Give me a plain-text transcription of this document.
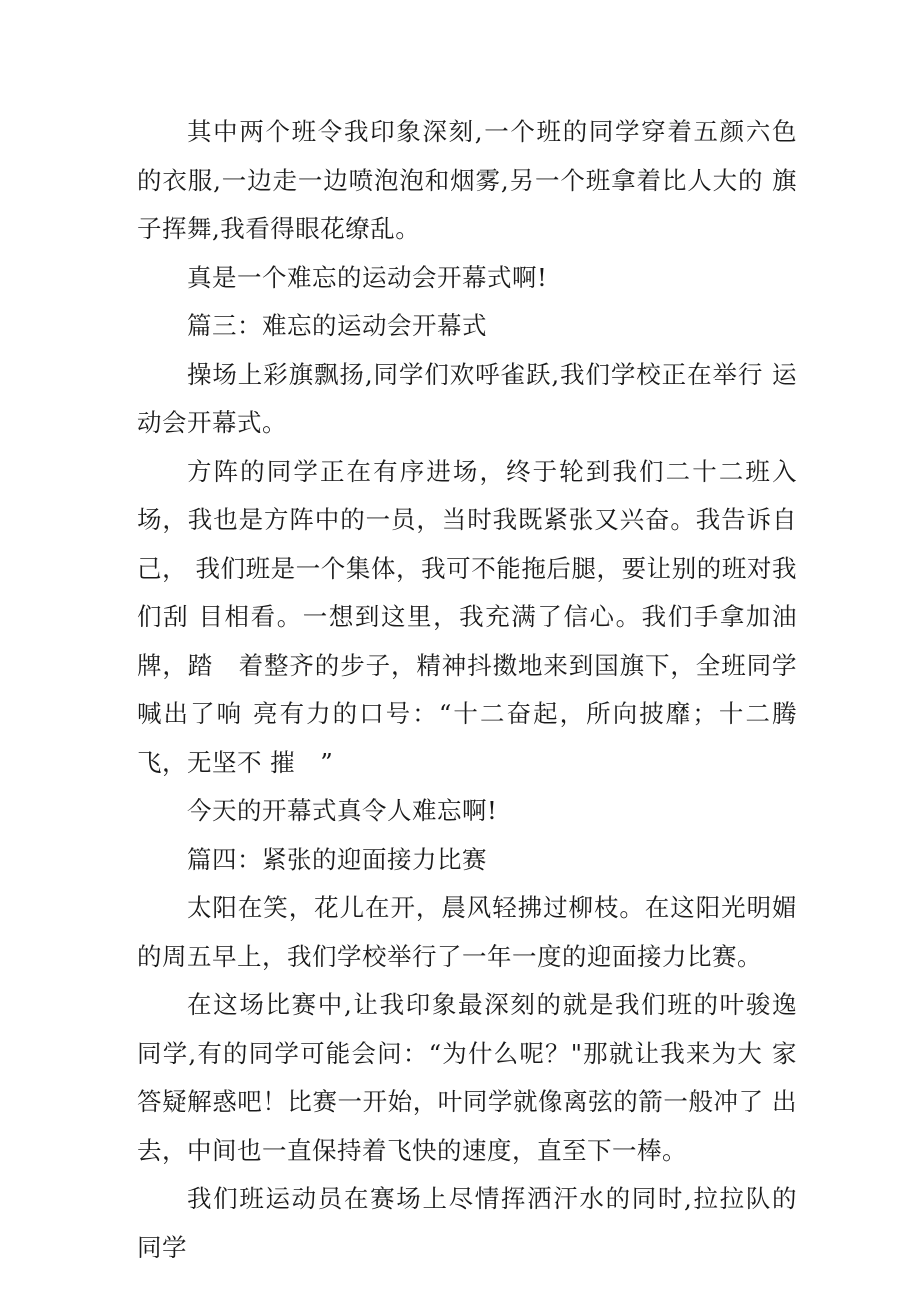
其中两个班令我印象深刻,一个班的同学穿着五颜六色 的衣服,一边走一边喷泡泡和烟雾,另一个班拿着比人大的 旗子挥舞,我看得眼花缭乱。

真是一个难忘的运动会开幕式啊!

篇三：难忘的运动会开幕式

操场上彩旗飘扬,同学们欢呼雀跃,我们学校正在举行 运动会开幕式。

方阵的同学正在有序进场，终于轮到我们二十二班入场，我也是方阵中的一员，当时我既紧张又兴奋。我告诉自己， 我们班是一个集体，我可不能拖后腿，要让别的班对我们刮 目相看。一想到这里，我充满了信心。我们手拿加油牌，踏　着整齐的步子，精神抖擞地来到国旗下，全班同学喊出了响 亮有力的口号：“十二奋起，所向披靡；十二腾飞，无坚不 摧　”

今天的开幕式真令人难忘啊!

篇四：紧张的迎面接力比赛

太阳在笑，花儿在开，晨风轻拂过柳枝。在这阳光明媚 的周五早上，我们学校举行了一年一度的迎面接力比赛。

在这场比赛中,让我印象最深刻的就是我们班的叶骏逸 同学,有的同学可能会问：“为什么呢？"那就让我来为大 家答疑解惑吧！比赛一开始，叶同学就像离弦的箭一般冲了 出去，中间也一直保持着飞快的速度，直至下一棒。

我们班运动员在赛场上尽情挥洒汗水的同时,拉拉队的 同学
